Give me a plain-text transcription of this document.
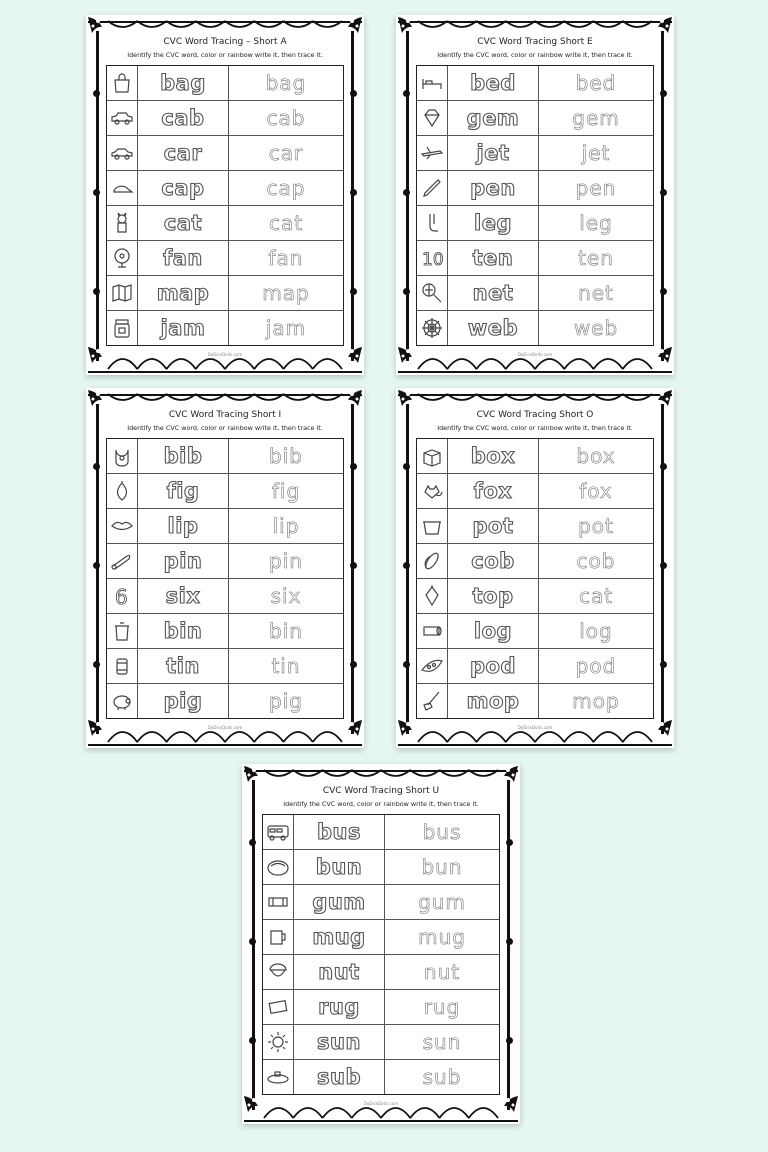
CVC Word Tracing – Short A
Identify the CVC word, color or rainbow write it, then trace it.
bag	bag
cab	cab
car	car
cap	cap
cat	cat
fan	fan
map	map
jam	jam
DoDisnDoits.com
CVC Word Tracing Short E
Identify the CVC word, color or rainbow write it, then trace it.
bed	bed
gem	gem
jet	jet
pen	pen
leg	leg
10	ten	ten
net	net
web	web
DoDisnDoits.com
CVC Word Tracing Short I
Identify the CVC word, color or rainbow write it, then trace it.
bib	bib
fig	fig
lip	lip
pin	pin
6	six	six
bin	bin
tin	tin
pig	pig
DoDisnDoits.com
CVC Word Tracing Short O
Identify the CVC word, color or rainbow write it, then trace it.
box	box
fox	fox
pot	pot
cob	cob
top	cat
log	log
pod	pod
mop	mop
DoDisnDoits.com
CVC Word Tracing Short U
Identify the CVC word, color or rainbow write it, then trace it.
bus	bus
bun	bun
gum	gum
mug	mug
nut	nut
rug	rug
sun	sun
sub	sub
DoDisnDoits.com
